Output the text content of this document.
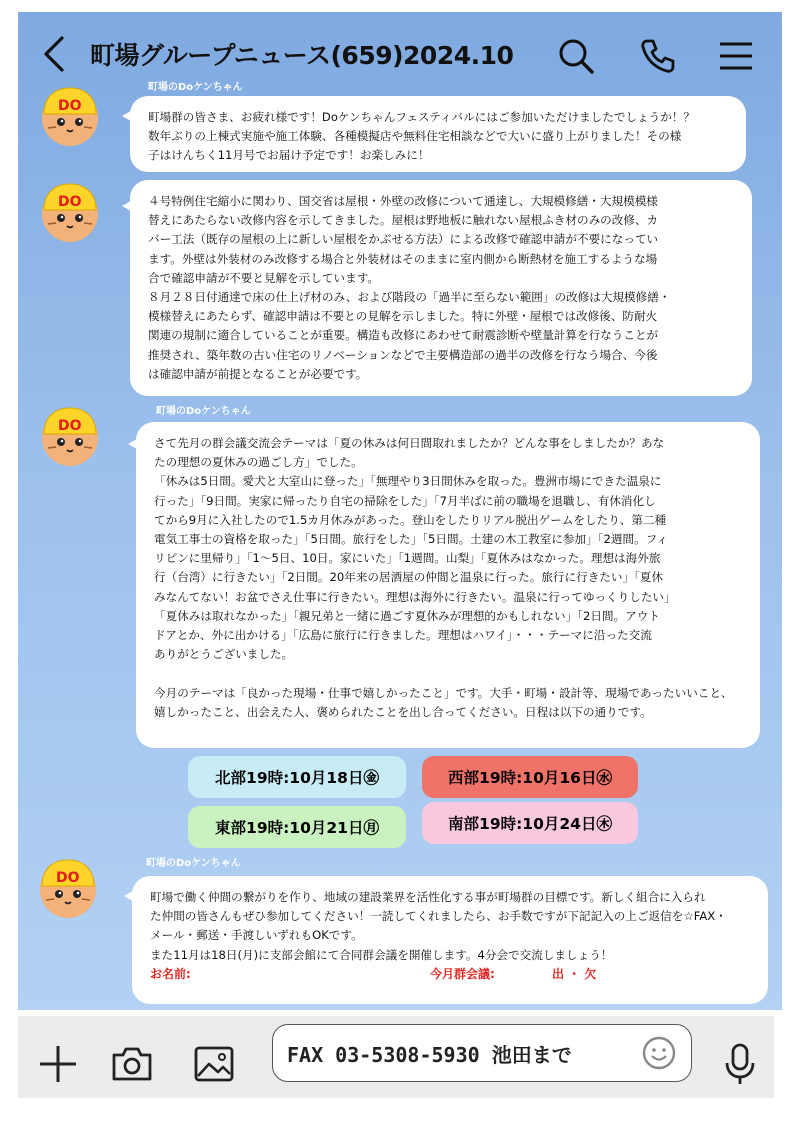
町場グループニュース(659)2024.10
町場のDoケンちゃん
DO

町場群の皆さま、お疲れ様です！Doケンちゃんフェスティバルにはご参加いただけましたでしょうか！？
数年ぶりの上棟式実施や施工体験、各種模擬店や無料住宅相談などで大いに盛り上がりました！その様
子はけんちく11月号でお届け予定です！お楽しみに！

DO	４号特例住宅縮小に関わり、国交省は屋根・外壁の改修について通達し、大規模修繕・大規模模様
替えにあたらない改修内容を示してきました。屋根は野地板に触れない屋根ふき材のみの改修、カ
バー工法（既存の屋根の上に新しい屋根をかぶせる方法）による改修で確認申請が不要になってい
ます。外壁は外装材のみ改修する場合と外装材はそのままに室内側から断熱材を施工するような場
合で確認申請が不要と見解を示しています。
８月２８日付通達で床の仕上げ材のみ、および階段の「過半に至らない範囲」の改修は大規模修繕・
模様替えにあたらず、確認申請は不要との見解を示しました。特に外壁・屋根では改修後、防耐火
関連の規制に適合していることが重要。構造も改修にあわせて耐震診断や壁量計算を行なうことが
推奨され、築年数の古い住宅のリノベーションなどで主要構造部の過半の改修を行なう場合、今後
は確認申請が前提となることが必要です。

町場のDoケンちゃん
DO

さて先月の群会議交流会テーマは「夏の休みは何日間取れましたか？どんな事をしましたか？あな
たの理想の夏休みの過ごし方」でした。
「休みは5日間。愛犬と大室山に登った」「無理やり3日間休みを取った。豊洲市場にできた温泉に
行った」「9日間。実家に帰ったり自宅の掃除をした」「7月半ばに前の職場を退職し、有休消化し
てから9月に入社したので1.5カ月休みがあった。登山をしたりリアル脱出ゲームをしたり、第二種
電気工事士の資格を取った」「5日間。旅行をした」「5日間。土建の木工教室に参加」「2週間。フィ
リピンに里帰り」「1～5日、10日。家にいた」「1週間。山梨」「夏休みはなかった。理想は海外旅
行（台湾）に行きたい」「2日間。20年来の居酒屋の仲間と温泉に行った。旅行に行きたい」「夏休
みなんてない！お盆でさえ仕事に行きたい。理想は海外に行きたい。温泉に行ってゆっくりしたい」
「夏休みは取れなかった」「親兄弟と一緒に過ごす夏休みが理想的かもしれない」「2日間。アウト
ドアとか、外に出かける」「広島に旅行に行きました。理想はハワイ」・・・テーマに沿った交流
ありがとうございました。

今月のテーマは「良かった現場・仕事で嬉しかったこと」です。大手・町場・設計等、現場であったいいこと、
嬉しかったこと、出会えた人、褒められたことを出し合ってください。日程は以下の通りです。

北部19時:10月18日㊎	西部19時:10月16日㊌
東部19時:10月21日㊊	南部19時:10月24日㊍
町場のDoケンちゃん
DO

町場で働く仲間の繋がりを作り、地域の建設業界を活性化する事が町場群の目標です。新しく組合に入られ
た仲間の皆さんもぜひ参加してください！一読してくれましたら、お手数ですが下記記入の上ご返信を☆FAX・
メール・郵送・手渡しいずれもOKです。
また11月は18日(月)に支部会館にて合同群会議を開催します。4分会で交流しましょう！

お名前:	今月群会議:	出 ・ 欠
FAX 03-5308-5930 池田まで
